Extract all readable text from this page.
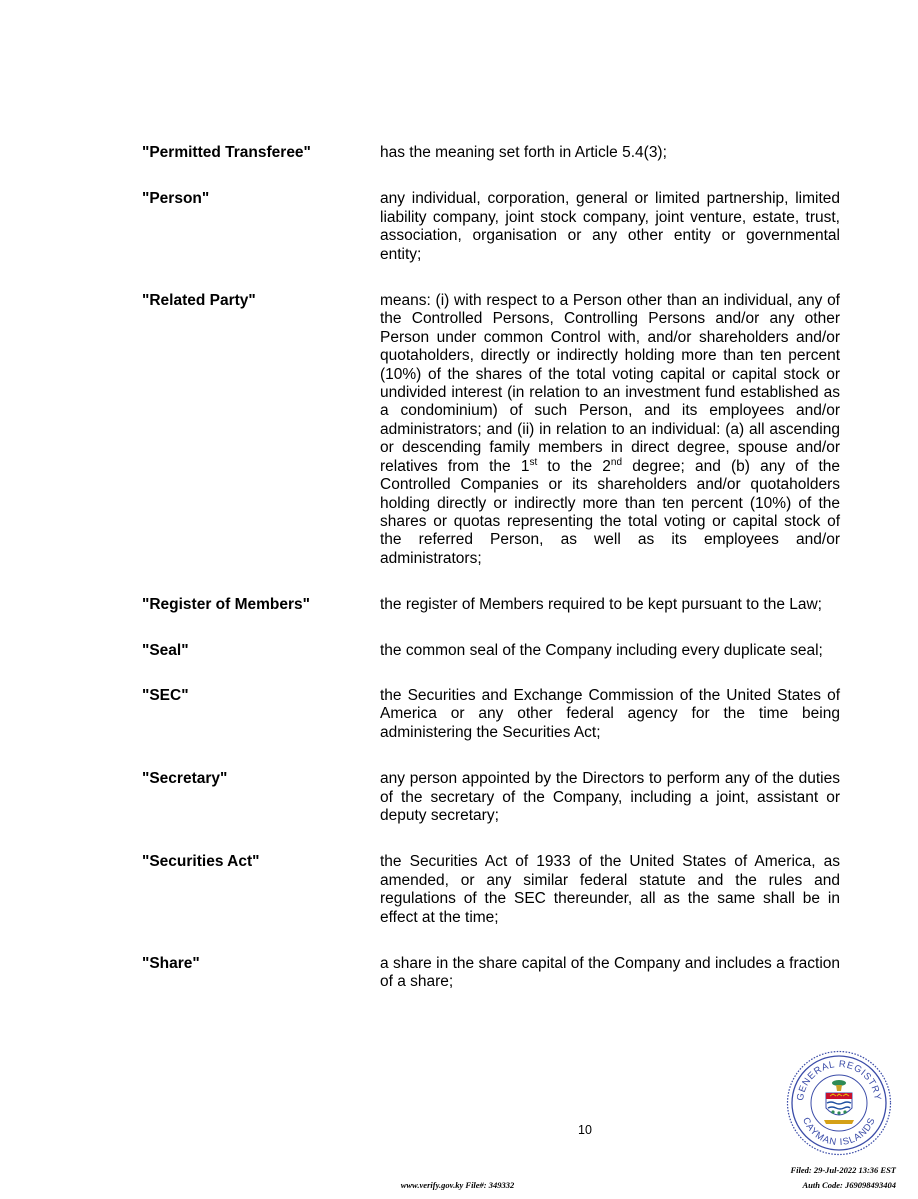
"Permitted Transferee"	has the meaning set forth in Article 5.4(3);
"Person"	any individual, corporation, general or limited partnership, limited liability company, joint stock company, joint venture, estate, trust, association, organisation or any other entity or governmental entity;
"Related Party"	means: (i) with respect to a Person other than an individual, any of the Controlled Persons, Controlling Persons and/or any other Person under common Control with, and/or shareholders and/or quotaholders, directly or indirectly holding more than ten percent (10%) of the shares of the total voting capital or capital stock or undivided interest (in relation to an investment fund established as a condominium) of such Person, and its employees and/or administrators; and (ii) in relation to an individual: (a) all ascending or descending family members in direct degree, spouse and/or relatives from the 1st to the 2nd degree; and (b) any of the Controlled Companies or its shareholders and/or quotaholders holding directly or indirectly more than ten percent (10%) of the shares or quotas representing the total voting or capital stock of the referred Person, as well as its employees and/or administrators;
"Register of Members"	the register of Members required to be kept pursuant to the Law;
"Seal"	the common seal of the Company including every duplicate seal;
"SEC"	the Securities and Exchange Commission of the United States of America or any other federal agency for the time being administering the Securities Act;
"Secretary"	any person appointed by the Directors to perform any of the duties of the secretary of the Company, including a joint, assistant or deputy secretary;
"Securities Act"	the Securities Act of 1933 of the United States of America, as amended, or any similar federal statute and the rules and regulations of the SEC thereunder, all as the same shall be in effect at the time;
"Share"	a share in the share capital of the Company and includes a fraction of a share;
10
www.verify.gov.ky File#: 349332
Filed: 29-Jul-2022 13:36 EST
Auth Code: J69098493404
GENERAL REGISTRY
CAYMAN ISLANDS
